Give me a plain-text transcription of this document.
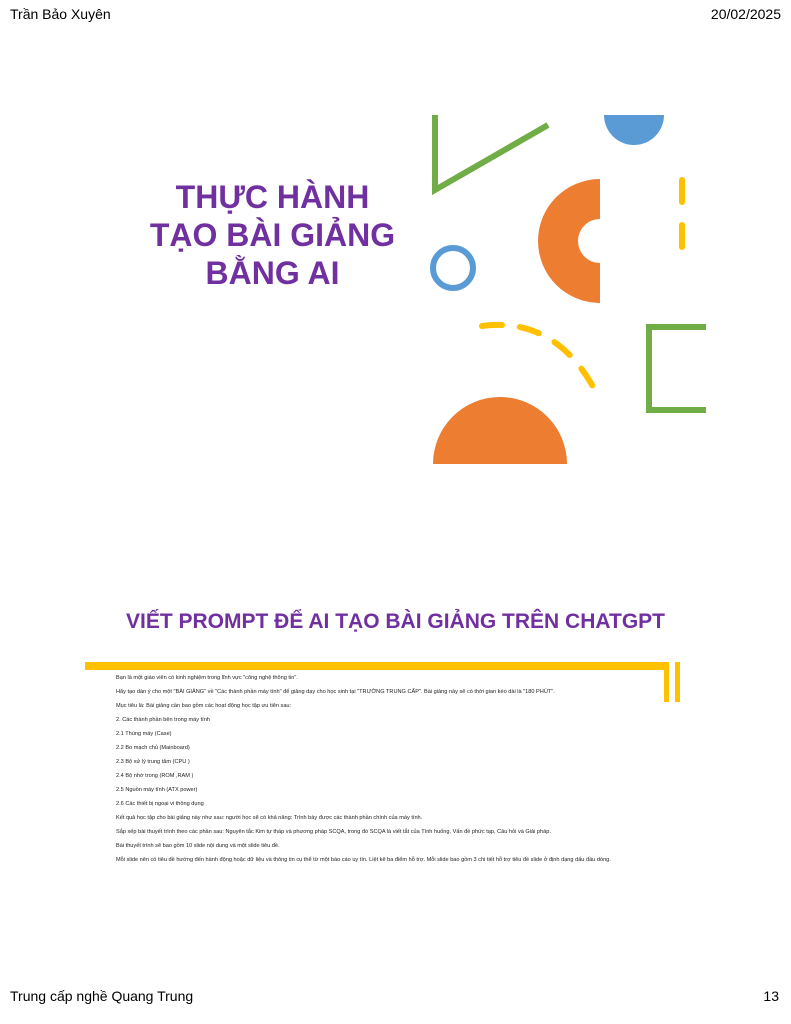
Trần Bảo Xuyên	20/02/2025
THỰC HÀNH
TẠO BÀI GIẢNG
BẰNG AI
VIẾT PROMPT ĐỂ AI TẠO BÀI GIẢNG TRÊN CHATGPT

Bạn là một giáo viên có kinh nghiệm trong lĩnh vực "công nghệ thông tin".

Hãy tạo dàn ý cho một "BÀI GIẢNG" về "Các thành phần máy tính" để giảng dạy cho học sinh tại "TRƯỜNG TRUNG CẤP". Bài giảng này sẽ có thời gian kéo dài là "180 PHÚT".

Mục tiêu là: Bài giảng cần bao gồm các hoạt động học tập ưu tiên sau:

2. Các thành phần bên trong máy tính

2.1 Thùng máy (Case)

2.2 Bo mạch chủ (Mainboard)

2.3 Bộ xử lý trung tâm (CPU )

2.4 Bộ nhớ trong (ROM ,RAM )

2.5 Nguồn máy tính (ATX power)

2.6 Các thiết bị ngoại vi thông dụng

Kết quả học tập cho bài giảng này như sau: người học sẽ có khả năng: Trình bày được các thành phần chính của máy tính.

Sắp xếp bài thuyết trình theo các phần sau: Nguyên tắc Kim tự tháp và phương pháp SCQA, trong đó SCQA là viết tắt của Tình huống, Vấn đề phức tạp, Câu hỏi và Giải pháp.

Bài thuyết trình sẽ bao gồm 10 slide nội dung và một slide tiêu đề.

Mỗi slide nên có tiêu đề hướng đến hành động hoặc dữ liệu và thông tin cụ thể từ một báo cáo uy tín. Liệt kê ba điểm hỗ trợ. Mỗi slide bao gồm 3 chi tiết hỗ trợ tiêu đề slide ở định dạng dấu đầu dòng.

Trung cấp nghề Quang Trung	13
